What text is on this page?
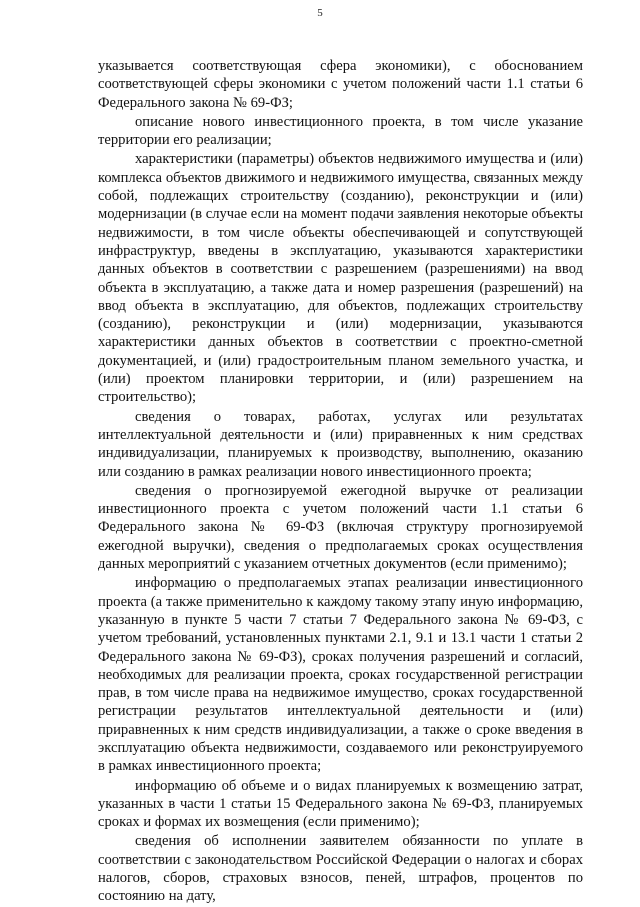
5

указывается соответствующая сфера экономики), с обоснованием соответствующей сферы экономики с учетом положений части 1.1 статьи 6 Федерального закона № 69-ФЗ;

описание нового инвестиционного проекта, в том числе указание территории его реализации;

характеристики (параметры) объектов недвижимого имущества и (или) комплекса объектов движимого и недвижимого имущества, связанных между собой, подлежащих строительству (созданию), реконструкции и (или) модернизации (в случае если на момент подачи заявления некоторые объекты недвижимости, в том числе объекты обеспечивающей и сопутствующей инфраструктур, введены в эксплуатацию, указываются характеристики данных объектов в соответствии с разрешением (разрешениями) на ввод объекта в эксплуатацию, а также дата и номер разрешения (разрешений) на ввод объекта в эксплуатацию, для объектов, подлежащих строительству (созданию), реконструкции и (или) модернизации, указываются характеристики данных объектов в соответствии с проектно-сметной документацией, и (или) градостроительным планом земельного участка, и (или) проектом планировки территории, и (или) разрешением на строительство);

сведения о товарах, работах, услугах или результатах интеллектуальной деятельности и (или) приравненных к ним средствах индивидуализации, планируемых к производству, выполнению, оказанию или созданию в рамках реализации нового инвестиционного проекта;

сведения о прогнозируемой ежегодной выручке от реализации инвестиционного проекта с учетом положений части 1.1 статьи 6 Федерального закона № 69-ФЗ (включая структуру прогнозируемой ежегодной выручки), сведения о предполагаемых сроках осуществления данных мероприятий с указанием отчетных документов (если применимо);

информацию о предполагаемых этапах реализации инвестиционного проекта (а также применительно к каждому такому этапу иную информацию, указанную в пункте 5 части 7 статьи 7 Федерального закона № 69-ФЗ, с учетом требований, установленных пунктами 2.1, 9.1 и 13.1 части 1 статьи 2 Федерального закона № 69-ФЗ), сроках получения разрешений и согласий, необходимых для реализации проекта, сроках государственной регистрации прав, в том числе права на недвижимое имущество, сроках государственной регистрации результатов интеллектуальной деятельности и (или) приравненных к ним средств индивидуализации, а также о сроке введения в эксплуатацию объекта недвижимости, создаваемого или реконструируемого в рамках инвестиционного проекта;

информацию об объеме и о видах планируемых к возмещению затрат, указанных в части 1 статьи 15 Федерального закона № 69-ФЗ, планируемых сроках и формах их возмещения (если применимо);

сведения об исполнении заявителем обязанности по уплате в соответствии с законодательством Российской Федерации о налогах и сборах налогов, сборов, страховых взносов, пеней, штрафов, процентов по состоянию на дату,
